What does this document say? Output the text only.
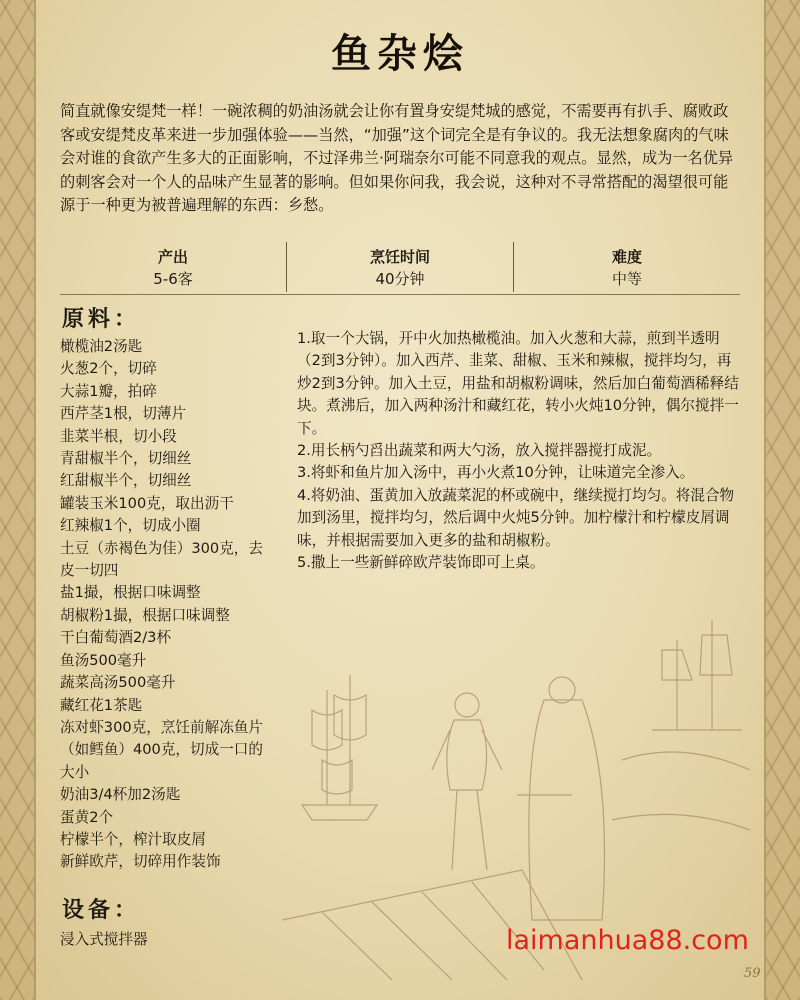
鱼杂烩

简直就像安缇梵一样！一碗浓稠的奶油汤就会让你有置身安缇梵城的感觉，不需要再有扒手、腐败政客或安缇梵皮革来进一步加强体验——当然，“加强”这个词完全是有争议的。我无法想象腐肉的气味会对谁的食欲产生多大的正面影响，不过泽弗兰·阿瑞奈尔可能不同意我的观点。显然，成为一名优异的刺客会对一个人的品味产生显著的影响。但如果你问我，我会说，这种对不寻常搭配的渴望很可能源于一种更为被普遍理解的东西：乡愁。

产出
5-6客
烹饪时间
40分钟
难度
中等
原料：
橄榄油2汤匙
火葱2个，切碎
大蒜1瓣，拍碎
西芹茎1根，切薄片
韭菜半根，切小段
青甜椒半个，切细丝
红甜椒半个，切细丝
罐装玉米100克，取出沥干
红辣椒1个，切成小圈
土豆（赤褐色为佳）300克，去皮一切四
盐1撮，根据口味调整
胡椒粉1撮，根据口味调整
干白葡萄酒2/3杯
鱼汤500毫升
蔬菜高汤500毫升
藏红花1茶匙
冻对虾300克，烹饪前解冻鱼片（如鳕鱼）400克，切成一口的大小
奶油3/4杯加2汤匙
蛋黄2个
柠檬半个，榨汁取皮屑
新鲜欧芹，切碎用作装饰
设备：
浸入式搅拌器
1.取一个大锅，开中火加热橄榄油。加入火葱和大蒜，煎到半透明（2到3分钟）。加入西芹、韭菜、甜椒、玉米和辣椒，搅拌均匀，再炒2到3分钟。加入土豆，用盐和胡椒粉调味，然后加白葡萄酒稀释结块。煮沸后，加入两种汤汁和藏红花，转小火炖10分钟，偶尔搅拌一下。
2.用长柄勺舀出蔬菜和两大勺汤，放入搅拌器搅打成泥。
3.将虾和鱼片加入汤中，再小火煮10分钟，让味道完全渗入。
4.将奶油、蛋黄加入放蔬菜泥的杯或碗中，继续搅打均匀。将混合物加到汤里，搅拌均匀，然后调中火炖5分钟。加柠檬汁和柠檬皮屑调味，并根据需要加入更多的盐和胡椒粉。
5.撒上一些新鲜碎欧芹装饰即可上桌。
laimanhua88.com
59
